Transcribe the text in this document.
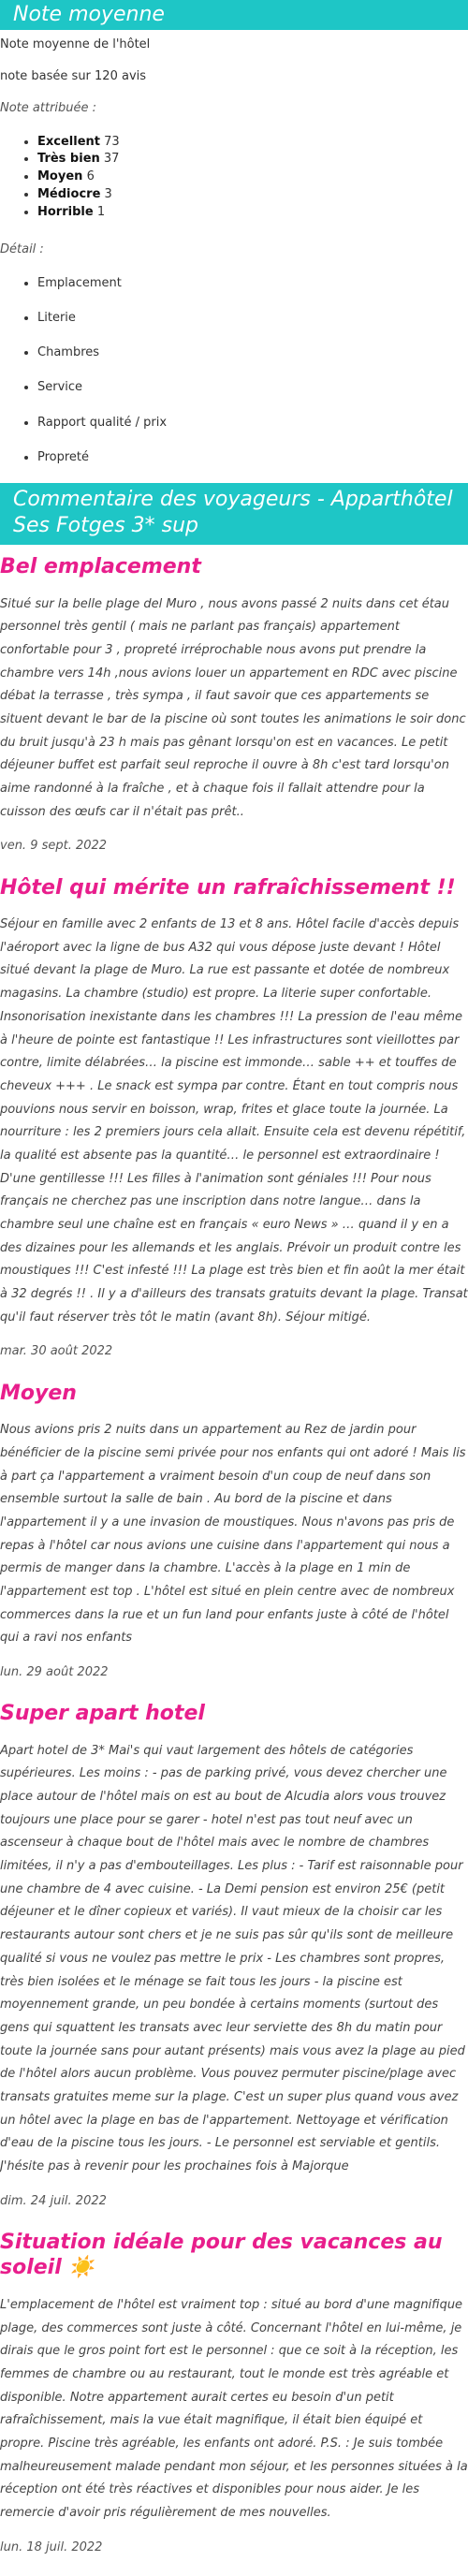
Note moyenne

Note moyenne de l'hôtel

note basée sur 120 avis

Note attribuée :

• Excellent 73
• Très bien 37
• Moyen 6
• Médiocre 3
• Horrible 1

Détail :

• Emplacement
• Literie
• Chambres
• Service
• Rapport qualité / prix
• Propreté
Commentaire des voyageurs - Apparthôtel Ses Fotges 3* sup
Bel emplacement

Situé sur la belle plage del Muro , nous avons passé 2 nuits dans cet étau personnel très gentil ( mais ne parlant pas français) appartement confortable pour 3 , propreté irréprochable nous avons put prendre la chambre vers 14h ,nous avions louer un appartement en RDC avec piscine débat la terrasse , très sympa , il faut savoir que ces appartements se situent devant le bar de la piscine où sont toutes les animations le soir donc du bruit jusqu'à 23 h mais pas gênant lorsqu'on est en vacances. Le petit déjeuner buffet est parfait seul reproche il ouvre à 8h c'est tard lorsqu'on aime randonné à la fraîche , et à chaque fois il fallait attendre pour la cuisson des œufs car il n'était pas prêt..

ven. 9 sept. 2022

Hôtel qui mérite un rafraîchissement !!

Séjour en famille avec 2 enfants de 13 et 8 ans. Hôtel facile d'accès depuis l'aéroport avec la ligne de bus A32 qui vous dépose juste devant ! Hôtel situé devant la plage de Muro. La rue est passante et dotée de nombreux magasins. La chambre (studio) est propre. La literie super confortable. Insonorisation inexistante dans les chambres !!! La pression de l'eau même à l'heure de pointe est fantastique !! Les infrastructures sont vieillottes par contre, limite délabrées… la piscine est immonde… sable ++ et touffes de cheveux +++ . Le snack est sympa par contre. Étant en tout compris nous pouvions nous servir en boisson, wrap, frites et glace toute la journée. La nourriture : les 2 premiers jours cela allait. Ensuite cela est devenu répétitif, la qualité est absente pas la quantité… le personnel est extraordinaire ! D'une gentillesse !!! Les filles à l'animation sont géniales !!! Pour nous français ne cherchez pas une inscription dans notre langue… dans la chambre seul une chaîne est en français « euro News » … quand il y en a des dizaines pour les allemands et les anglais. Prévoir un produit contre les moustiques !!! C'est infesté !!! La plage est très bien et fin août la mer était à 32 degrés !! . Il y a d'ailleurs des transats gratuits devant la plage. Transat qu'il faut réserver très tôt le matin (avant 8h). Séjour mitigé.

mar. 30 août 2022

Moyen

Nous avions pris 2 nuits dans un appartement au Rez de jardin pour bénéficier de la piscine semi privée pour nos enfants qui ont adoré ! Mais lis à part ça l'appartement a vraiment besoin d'un coup de neuf dans son ensemble surtout la salle de bain . Au bord de la piscine et dans l'appartement il y a une invasion de moustiques. Nous n'avons pas pris de repas à l'hôtel car nous avions une cuisine dans l'appartement qui nous a permis de manger dans la chambre. L'accès à la plage en 1 min de l'appartement est top . L'hôtel est situé en plein centre avec de nombreux commerces dans la rue et un fun land pour enfants juste à côté de l'hôtel qui a ravi nos enfants

lun. 29 août 2022

Super apart hotel

Apart hotel de 3* Mai's qui vaut largement des hôtels de catégories supérieures. Les moins : - pas de parking privé, vous devez chercher une place autour de l'hôtel mais on est au bout de Alcudia alors vous trouvez toujours une place pour se garer - hotel n'est pas tout neuf avec un ascenseur à chaque bout de l'hôtel mais avec le nombre de chambres limitées, il n'y a pas d'embouteillages. Les plus : - Tarif est raisonnable pour une chambre de 4 avec cuisine. - La Demi pension est environ 25€ (petit déjeuner et le dîner copieux et variés). Il vaut mieux de la choisir car les restaurants autour sont chers et je ne suis pas sûr qu'ils sont de meilleure qualité si vous ne voulez pas mettre le prix - Les chambres sont propres, très bien isolées et le ménage se fait tous les jours - la piscine est moyennement grande, un peu bondée à certains moments (surtout des gens qui squattent les transats avec leur serviette des 8h du matin pour toute la journée sans pour autant présents) mais vous avez la plage au pied de l'hôtel alors aucun problème. Vous pouvez permuter piscine/plage avec transats gratuites meme sur la plage. C'est un super plus quand vous avez un hôtel avec la plage en bas de l'appartement. Nettoyage et vérification d'eau de la piscine tous les jours. - Le personnel est serviable et gentils. J'hésite pas à revenir pour les prochaines fois à Majorque

dim. 24 juil. 2022

Situation idéale pour des vacances au soleil ☀️

L'emplacement de l'hôtel est vraiment top : situé au bord d'une magnifique plage, des commerces sont juste à côté. Concernant l'hôtel en lui-même, je dirais que le gros point fort est le personnel : que ce soit à la réception, les femmes de chambre ou au restaurant, tout le monde est très agréable et disponible. Notre appartement aurait certes eu besoin d'un petit rafraîchissement, mais la vue était magnifique, il était bien équipé et propre. Piscine très agréable, les enfants ont adoré. P.S. : Je suis tombée malheureusement malade pendant mon séjour, et les personnes situées à la réception ont été très réactives et disponibles pour nous aider. Je les remercie d'avoir pris régulièrement de mes nouvelles.

lun. 18 juil. 2022
